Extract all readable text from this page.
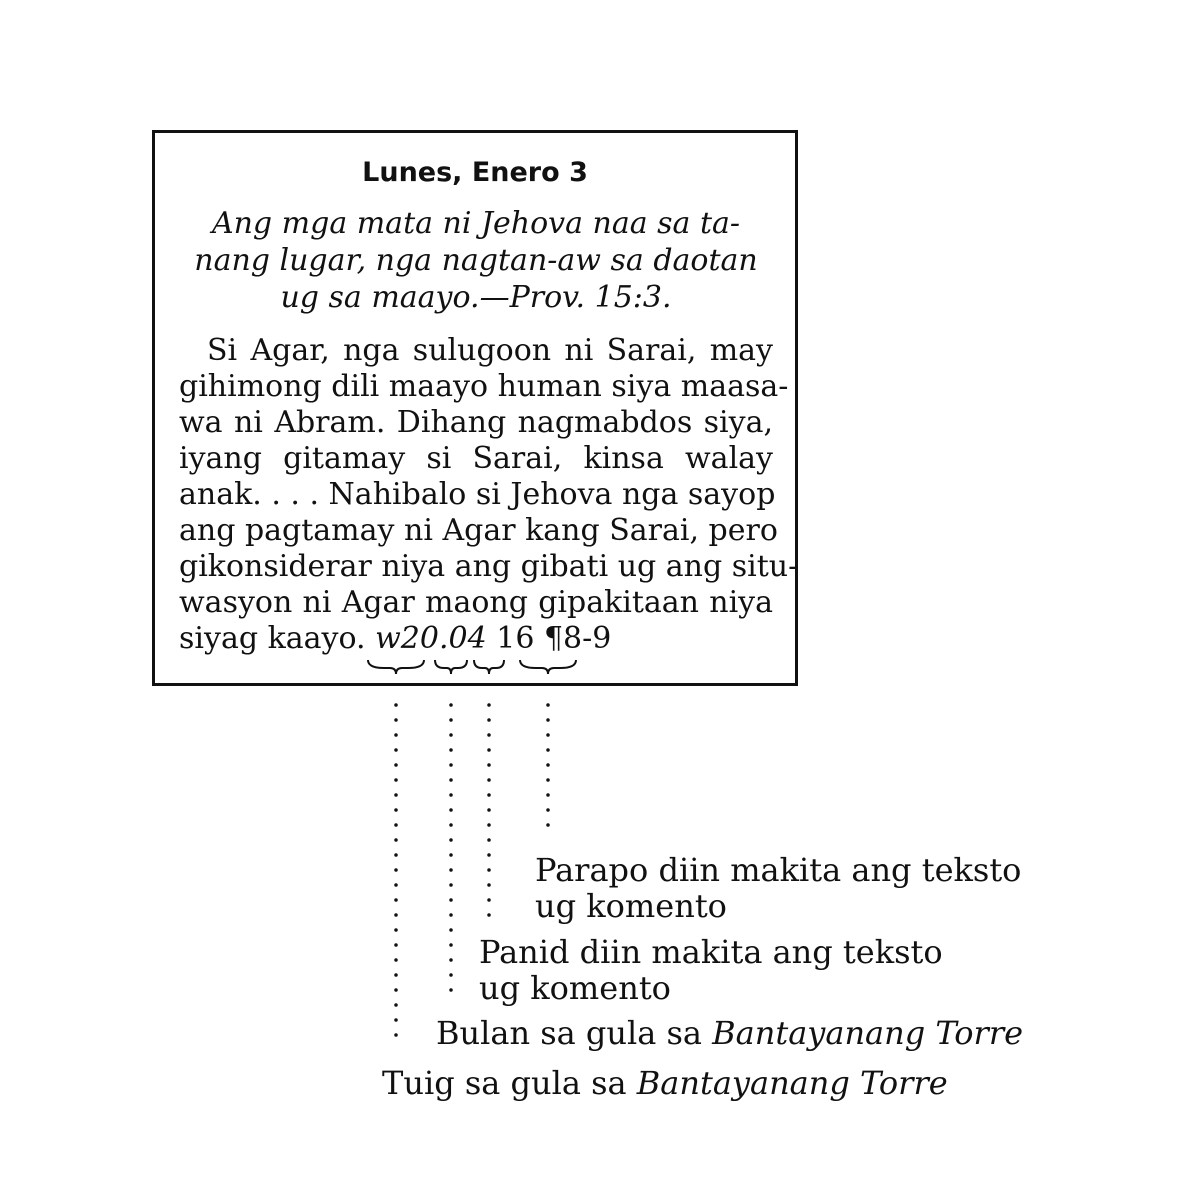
Lunes, Enero 3
Ang mga mata ni Jehova naa sa ta-
nang lugar, nga nagtan-aw sa daotan
ug sa maayo.—Prov. 15:3.
Si Agar, nga sulugoon ni Sarai, may
gihimong dili maayo human siya maasa-
wa ni Abram. Dihang nagmabdos siya,
iyang gitamay si Sarai, kinsa walay
anak. . . . Nahibalo si Jehova nga sayop
ang pagtamay ni Agar kang Sarai, pero
gikonsiderar niya ang gibati ug ang situ-
wasyon ni Agar maong gipakitaan niya
siyag kaayo. w20.04 16 ¶8-9
Parapo diin makita ang teksto
ug komento
Panid diin makita ang teksto
ug komento
Bulan sa gula sa Bantayanang Torre
Tuig sa gula sa Bantayanang Torre
